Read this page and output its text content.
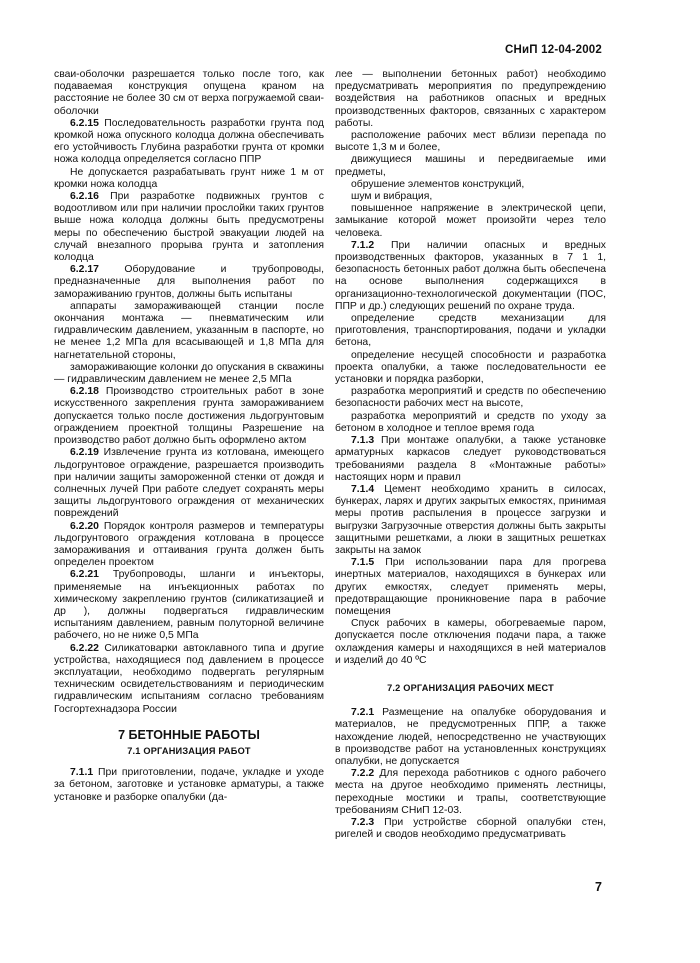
СНиП 12-04-2002

сваи-оболочки разрешается только после того, как подаваемая конструкция опущена краном на расстояние не более 30 см от верха погружаемой сваи-оболочки

6.2.15 Последовательность разработки грунта под кромкой ножа опускного колодца должна обеспечивать его устойчивость Глубина разработки грунта от кромки ножа колодца определяется согласно ППР

Не допускается разрабатывать грунт ниже 1 м от кромки ножа колодца

6.2.16 При разработке подвижных грунтов с водоотливом или при наличии прослойки таких грунтов выше ножа колодца должны быть предусмотрены меры по обеспечению быстрой эвакуации людей на случай внезапного прорыва грунта и затопления колодца

6.2.17 Оборудование и трубопроводы, предназначенные для выполнения работ по замораживанию грунтов, должны быть испытаны

аппараты замораживающей станции после окончания монтажа — пневматическим или гидравлическим давлением, указанным в паспорте, но не менее 1,2 МПа для всасывающей и 1,8 МПа для нагнетательной стороны,

замораживающие колонки до опускания в скважины — гидравлическим давлением не менее 2,5 МПа

6.2.18 Производство строительных работ в зоне искусственного закрепления грунта замораживанием допускается только после достижения льдогрунтовым ограждением проектной толщины Разрешение на производство работ должно быть оформлено актом

6.2.19 Извлечение грунта из котлована, имеющего льдогрунтовое ограждение, разрешается производить при наличии защиты замороженной стенки от дождя и солнечных лучей При работе следует сохранять меры защиты льдогрунтового ограждения от механических повреждений

6.2.20 Порядок контроля размеров и температуры льдогрунтового ограждения котлована в процессе замораживания и оттаивания грунта должен быть определен проектом

6.2.21 Трубопроводы, шланги и инъекторы, применяемые на инъекционных работах по химическому закреплению грунтов (силикатизацией и др ), должны подвергаться гидравлическим испытаниям давлением, равным полуторной величине рабочего, но не ниже 0,5 МПа

6.2.22 Силикатоварки автоклавного типа и другие устройства, находящиеся под давлением в процессе эксплуатации, необходимо подвергать регулярным техническим освидетельствованиям и периодическим гидравлическим испытаниям согласно требованиям Госгортехнадзора России

7 БЕТОННЫЕ РАБОТЫ
7.1 ОРГАНИЗАЦИЯ РАБОТ

7.1.1 При приготовлении, подаче, укладке и уходе за бетоном, заготовке и установке арматуры, а также установке и разборке опалубки (да-

лее — выполнении бетонных работ) необходимо предусматривать мероприятия по предупреждению воздействия на работников опасных и вредных производственных факторов, связанных с характером работы.

расположение рабочих мест вблизи перепада по высоте 1,3 м и более,

движущиеся машины и передвигаемые ими предметы,

обрушение элементов конструкций,

шум и вибрация,

повышенное напряжение в электрической цепи, замыкание которой может произойти через тело человека.

7.1.2 При наличии опасных и вредных производственных факторов, указанных в 7 1 1, безопасность бетонных работ должна быть обеспечена на основе выполнения содержащихся в организационно-технологической документации (ПОС, ППР и др.) следующих решений по охране труда.

определение средств механизации для приготовления, транспортирования, подачи и укладки бетона,

определение несущей способности и разработка проекта опалубки, а также последовательности ее установки и порядка разборки,

разработка мероприятий и средств по обеспечению безопасности рабочих мест на высоте,

разработка мероприятий и средств по уходу за бетоном в холодное и теплое время года

7.1.3 При монтаже опалубки, а также установке арматурных каркасов следует руководствоваться требованиями раздела 8 «Монтажные работы» настоящих норм и правил

7.1.4 Цемент необходимо хранить в силосах, бункерах, ларях и других закрытых емкостях, принимая меры против распыления в процессе загрузки и выгрузки Загрузочные отверстия должны быть закрыты защитными решетками, а люки в защитных решетках закрыты на замок

7.1.5 При использовании пара для прогрева инертных материалов, находящихся в бункерах или других емкостях, следует применять меры, предотвращающие проникновение пара в рабочие помещения

Спуск рабочих в камеры, обогреваемые паром, допускается после отключения подачи пара, а также охлаждения камеры и находящихся в ней материалов и изделий до 40 ºС

7.2 ОРГАНИЗАЦИЯ РАБОЧИХ МЕСТ

7.2.1 Размещение на опалубке оборудования и материалов, не предусмотренных ППР, а также нахождение людей, непосредственно не участвующих в производстве работ на установленных конструкциях опалубки, не допускается

7.2.2 Для перехода работников с одного рабочего места на другое необходимо применять лестницы, переходные мостики и трапы, соответствующие требованиям СНиП 12-03.

7.2.3 При устройстве сборной опалубки стен, ригелей и сводов необходимо предусматривать

7
